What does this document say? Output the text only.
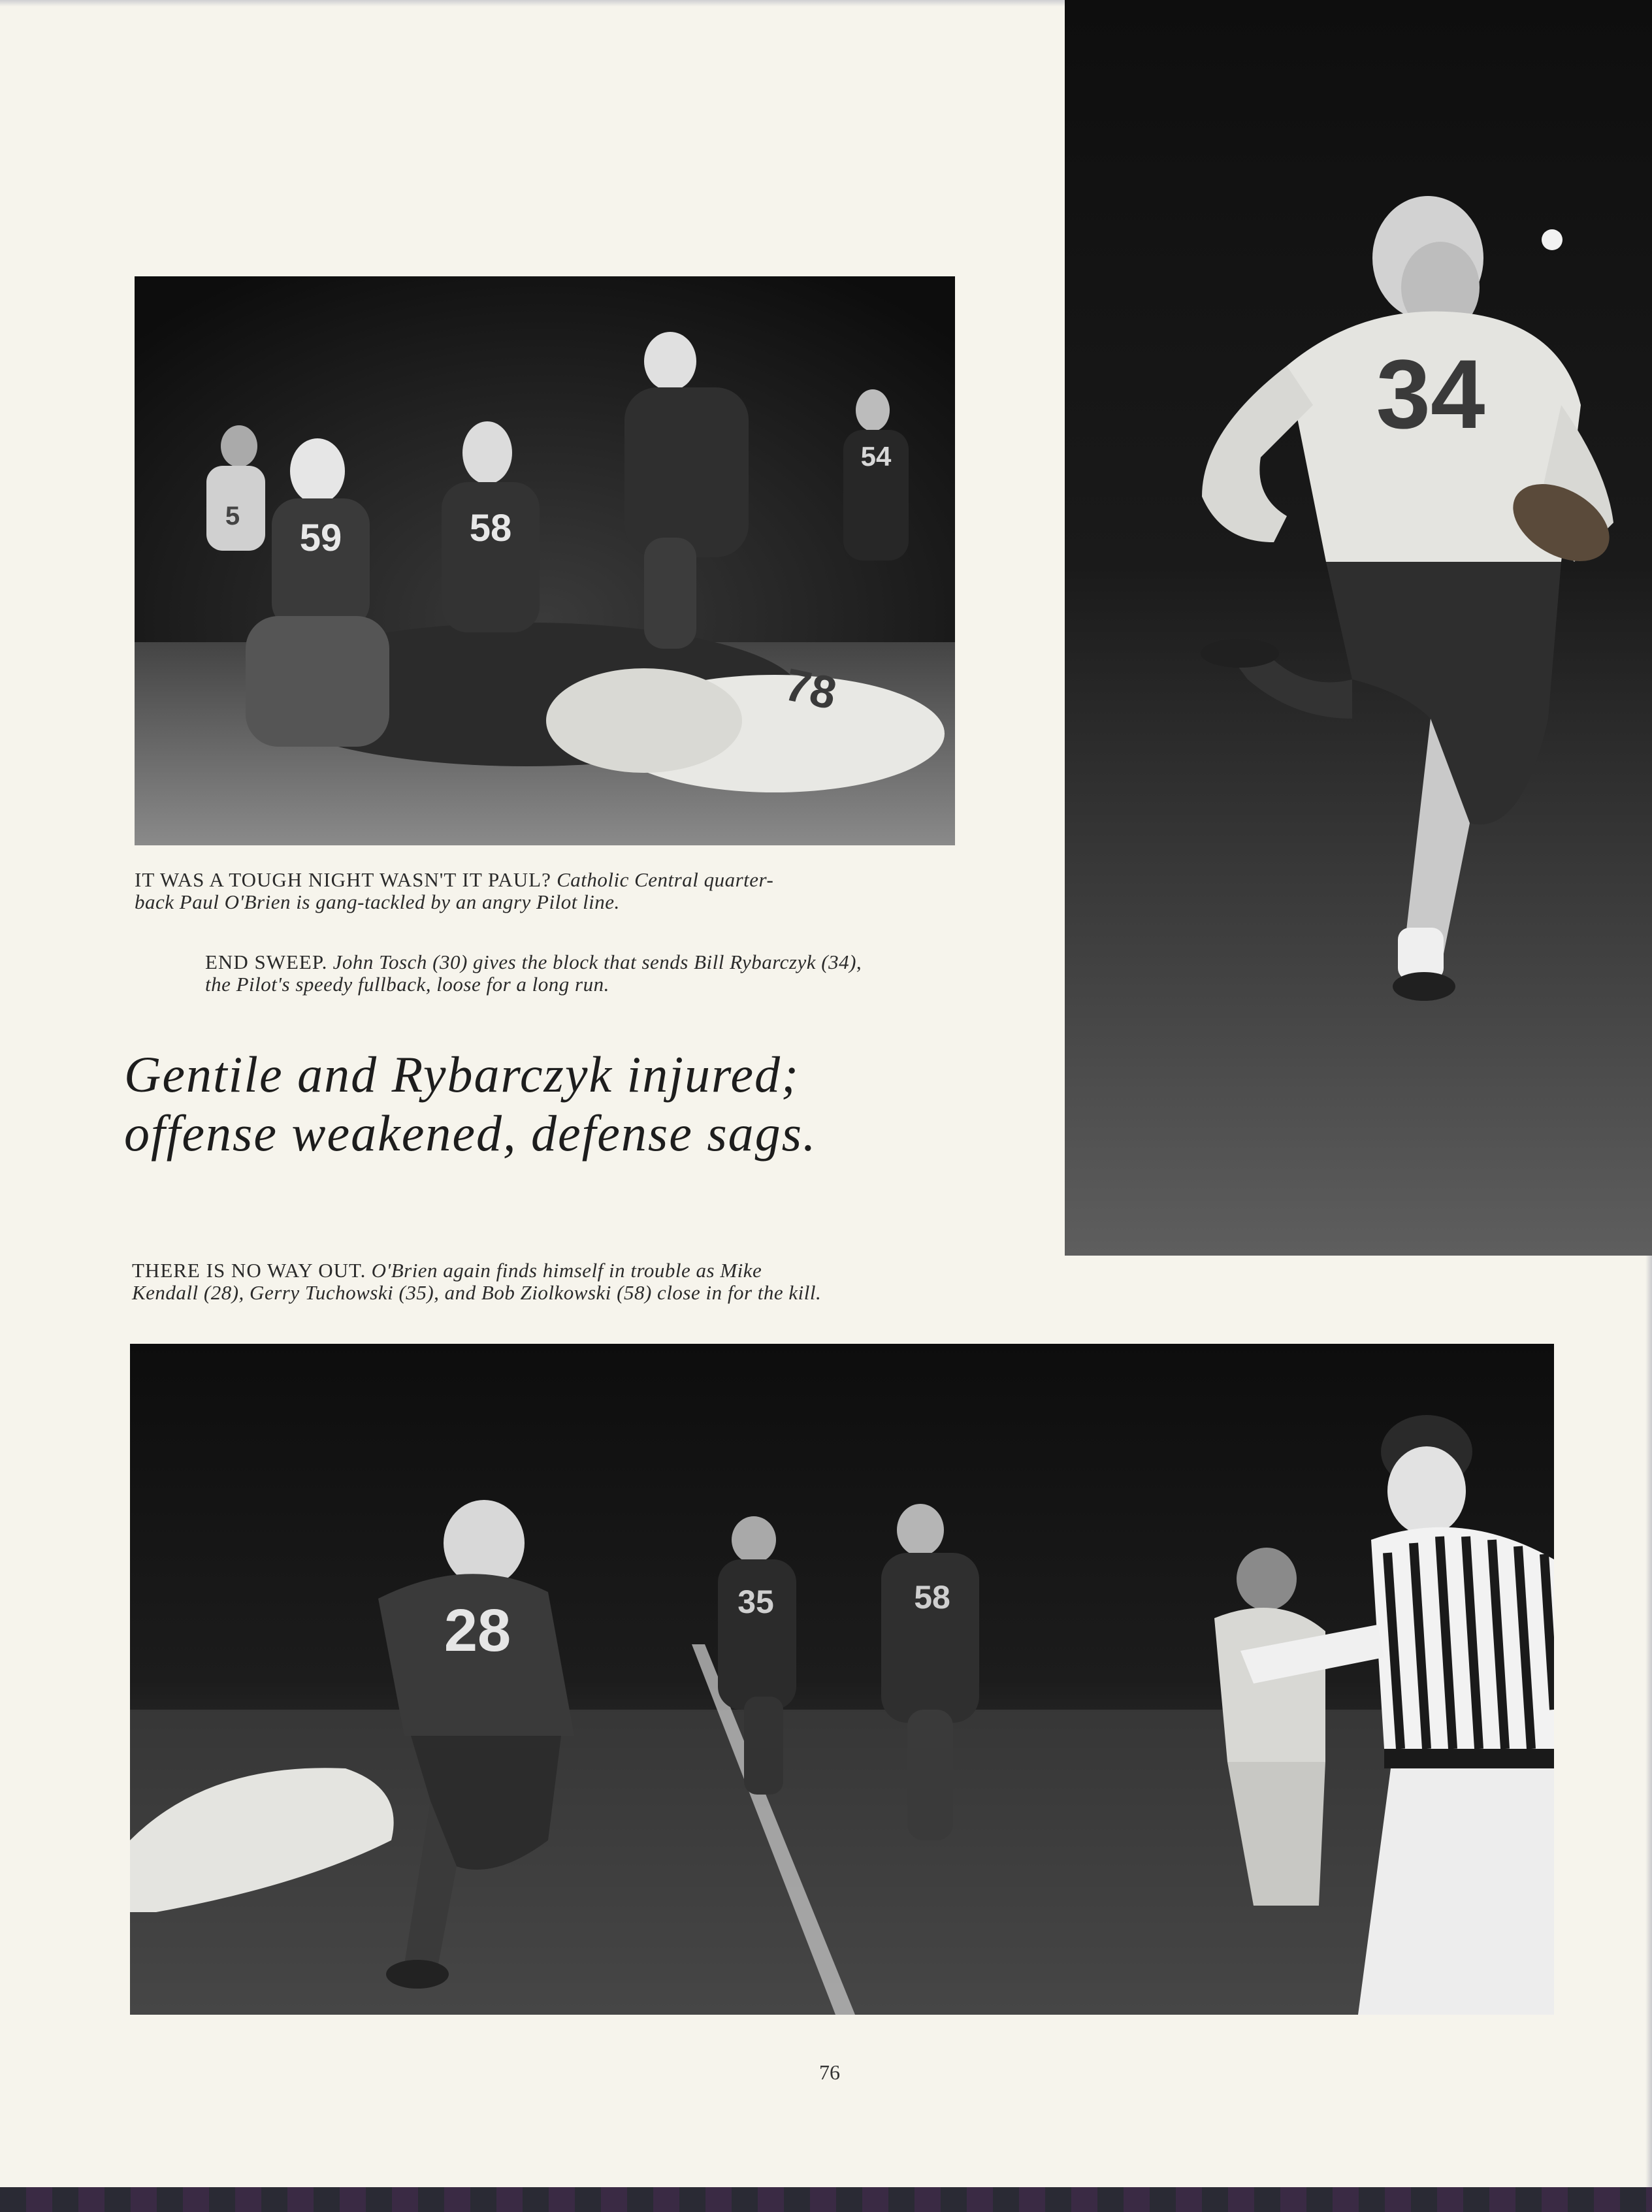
59	58
54
78
5
34

IT WAS A TOUGH NIGHT WASN'T IT PAUL? Catholic Central quarter-
back Paul O'Brien is gang-tackled by an angry Pilot line.

END SWEEP. John Tosch (30) gives the block that sends Bill Rybarczyk (34),
the Pilot's speedy fullback, loose for a long run.

Gentile and Rybarczyk injured;
offense weakened, defense sags.

THERE IS NO WAY OUT. O'Brien again finds himself in trouble as Mike
Kendall (28), Gerry Tuchowski (35), and Bob Ziolkowski (58) close in for the kill.

28	35	58

76
